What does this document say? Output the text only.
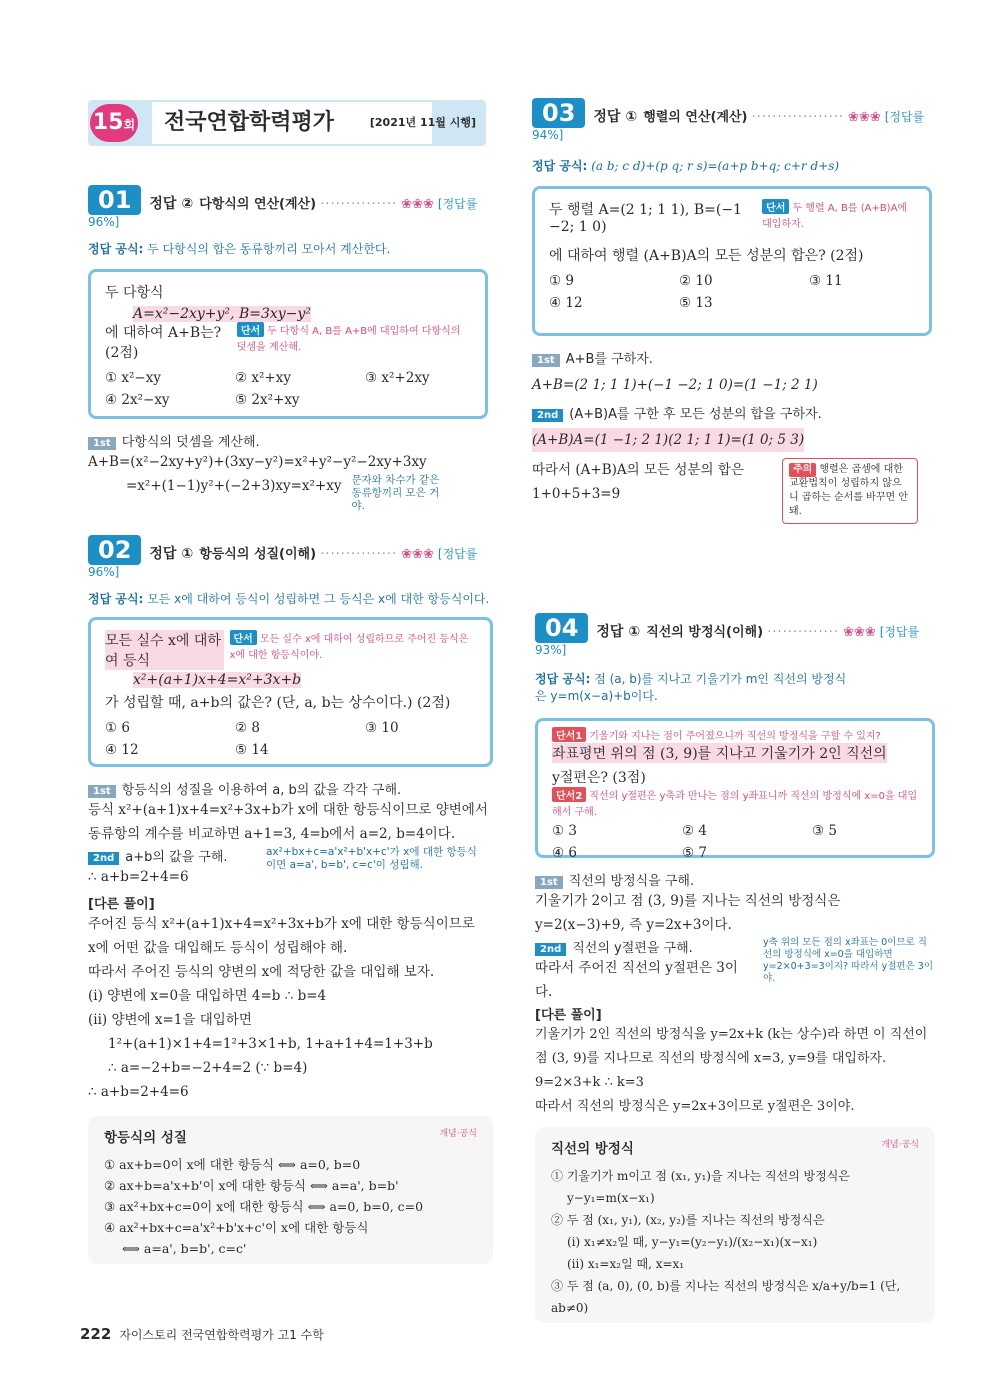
15회	전국연합학력평가	[2021년 11월 시행]
01 정답 ② 다항식의 연산(계산) ··············· ❀❀❀ [정답률 96%]
정답 공식: 두 다항식의 합은 동류항끼리 모아서 계산한다.
두 다항식
A=x²−2xy+y², B=3xy−y²
에 대하여 A+B는? (2점)
단서 두 다항식 A, B를 A+B에 대입하여 다항식의 덧셈을 계산해.
① x²−xy	② x²+xy	③ x²+2xy
④ 2x²−xy	⑤ 2x²+xy
1st 다항식의 덧셈을 계산해.
A+B=(x²−2xy+y²)+(3xy−y²)=x²+y²−y²−2xy+3xy
=x²+(1−1)y²+(−2+3)xy=x²+xy 문자와 차수가 같은 동류항끼리 모은 거야.
02 정답 ① 항등식의 성질(이해) ··············· ❀❀❀ [정답률 96%]
정답 공식: 모든 x에 대하여 등식이 성립하면 그 등식은 x에 대한 항등식이다.
모든 실수 x에 대하여 등식
단서 모든 실수 x에 대하여 성립하므로 주어진 등식은 x에 대한 항등식이야.
x²+(a+1)x+4=x²+3x+b
가 성립할 때, a+b의 값은? (단, a, b는 상수이다.) (2점)
① 6	② 8	③ 10
④ 12	⑤ 14
1st 항등식의 성질을 이용하여 a, b의 값을 각각 구해.
등식 x²+(a+1)x+4=x²+3x+b가 x에 대한 항등식이므로 양변에서
동류항의 계수를 비교하면 a+1=3, 4=b에서 a=2, b=4이다.
2nd a+b의 값을 구해.
∴ a+b=2+4=6
ax²+bx+c=a'x²+b'x+c'가 x에 대한 항등식이면 a=a', b=b', c=c'이 성립해.
[다른 풀이]
주어진 등식 x²+(a+1)x+4=x²+3x+b가 x에 대한 항등식이므로
x에 어떤 값을 대입해도 등식이 성립해야 해.
따라서 주어진 등식의 양변의 x에 적당한 값을 대입해 보자.
(i) 양변에 x=0을 대입하면 4=b ∴ b=4
(ii) 양변에 x=1을 대입하면
1²+(a+1)×1+4=1²+3×1+b, 1+a+1+4=1+3+b
∴ a=−2+b=−2+4=2 (∵ b=4)
∴ a+b=2+4=6
항등식의 성질	개념·공식
① ax+b=0이 x에 대한 항등식 ⟺ a=0, b=0
② ax+b=a'x+b'이 x에 대한 항등식 ⟺ a=a', b=b'
③ ax²+bx+c=0이 x에 대한 항등식 ⟺ a=0, b=0, c=0
④ ax²+bx+c=a'x²+b'x+c'이 x에 대한 항등식
⟺ a=a', b=b', c=c'
03 정답 ① 행렬의 연산(계산) ·················· ❀❀❀ [정답률 94%]
정답 공식: (a b; c d)+(p q; r s)=(a+p b+q; c+r d+s)
두 행렬 A=(2 1; 1 1), B=(−1 −2; 1 0)
단서 두 행렬 A, B를 (A+B)A에 대입하자.
에 대하여 행렬 (A+B)A의 모든 성분의 합은? (2점)
① 9	② 10	③ 11
④ 12	⑤ 13
1st A+B를 구하자.
A+B=(2 1; 1 1)+(−1 −2; 1 0)=(1 −1; 2 1)
2nd (A+B)A를 구한 후 모든 성분의 합을 구하자.
(A+B)A=(1 −1; 2 1)(2 1; 1 1)=(1 0; 5 3)
따라서 (A+B)A의 모든 성분의 합은
1+0+5+3=9
주의 행렬은 곱셈에 대한 교환법칙이 성립하지 않으니 곱하는 순서를 바꾸면 안돼.
04 정답 ① 직선의 방정식(이해) ·············· ❀❀❀ [정답률 93%]
정답 공식: 점 (a, b)를 지나고 기울기가 m인 직선의 방정식은 y=m(x−a)+b이다.
단서1 기울기와 지나는 점이 주어졌으니까 직선의 방정식을 구할 수 있지?
좌표평면 위의 점 (3, 9)를 지나고 기울기가 2인 직선의
y절편은? (3점)
단서2 직선의 y절편은 y축과 만나는 점의 y좌표니까 직선의 방정식에 x=0을 대입해서 구해.
① 3	② 4	③ 5
④ 6	⑤ 7
1st 직선의 방정식을 구해.
기울기가 2이고 점 (3, 9)를 지나는 직선의 방정식은
y=2(x−3)+9, 즉 y=2x+3이다.
2nd 직선의 y절편을 구해.
따라서 주어진 직선의 y절편은 3이다.
y축 위의 모든 점의 x좌표는 0이므로 직선의 방정식에 x=0을 대입하면 y=2×0+3=3이지? 따라서 y절편은 3이야.
[다른 풀이]
기울기가 2인 직선의 방정식을 y=2x+k (k는 상수)라 하면 이 직선이
점 (3, 9)를 지나므로 직선의 방정식에 x=3, y=9를 대입하자.
9=2×3+k ∴ k=3
따라서 직선의 방정식은 y=2x+3이므로 y절편은 3이야.
직선의 방정식	개념·공식
① 기울기가 m이고 점 (x₁, y₁)을 지나는 직선의 방정식은
y−y₁=m(x−x₁)
② 두 점 (x₁, y₁), (x₂, y₂)를 지나는 직선의 방정식은
(i) x₁≠x₂일 때, y−y₁=(y₂−y₁)/(x₂−x₁)(x−x₁)
(ii) x₁=x₂일 때, x=x₁
③ 두 점 (a, 0), (0, b)를 지나는 직선의 방정식은 x/a+y/b=1 (단, ab≠0)
222 자이스토리 전국연합학력평가 고1 수학
